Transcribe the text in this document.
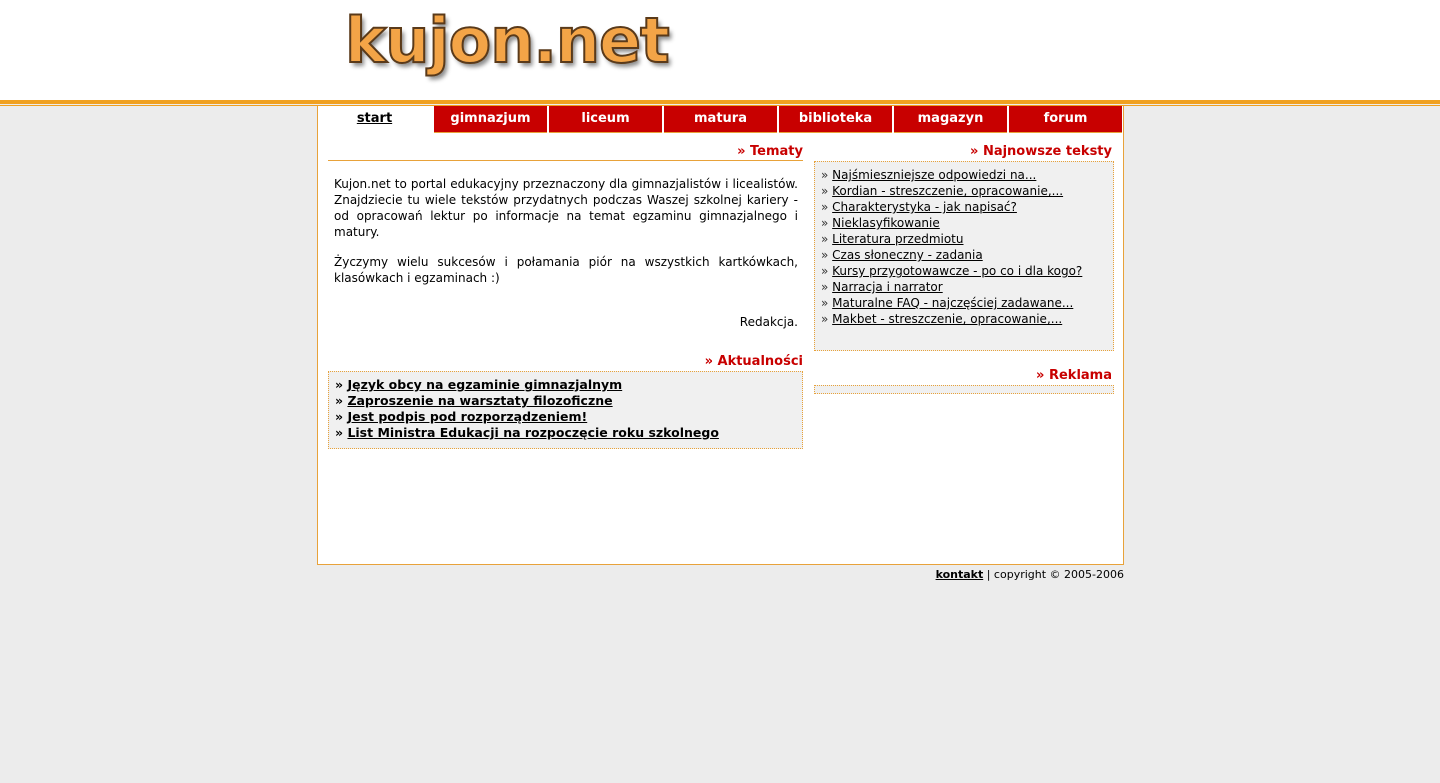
kujon.net
start	gimnazjum	liceum	matura	biblioteka	magazyn	forum
» Tematy

Kujon.net to portal edukacyjny przeznaczony dla gimnazjalistów i licealistów. Znajdziecie tu wiele tekstów przydatnych podczas Waszej szkolnej kariery - od opracowań lektur po informacje na temat egzaminu gimnazjalnego i matury.

Życzymy wielu sukcesów i połamania piór na wszystkich kartkówkach, klasówkach i egzaminach :)

Redakcja.
» Aktualności
» Język obcy na egzaminie gimnazjalnym
» Zaproszenie na warsztaty filozoficzne
» Jest podpis pod rozporządzeniem!
» List Ministra Edukacji na rozpoczęcie roku szkolnego
» Najnowsze teksty
» Najśmieszniejsze odpowiedzi na...
» Kordian - streszczenie, opracowanie,...
» Charakterystyka - jak napisać?
» Nieklasyfikowanie
» Literatura przedmiotu
» Czas słoneczny - zadania
» Kursy przygotowawcze - po co i dla kogo?
» Narracja i narrator
» Maturalne FAQ - najczęściej zadawane...
» Makbet - streszczenie, opracowanie,...
» Reklama
kontakt | copyright © 2005-2006
